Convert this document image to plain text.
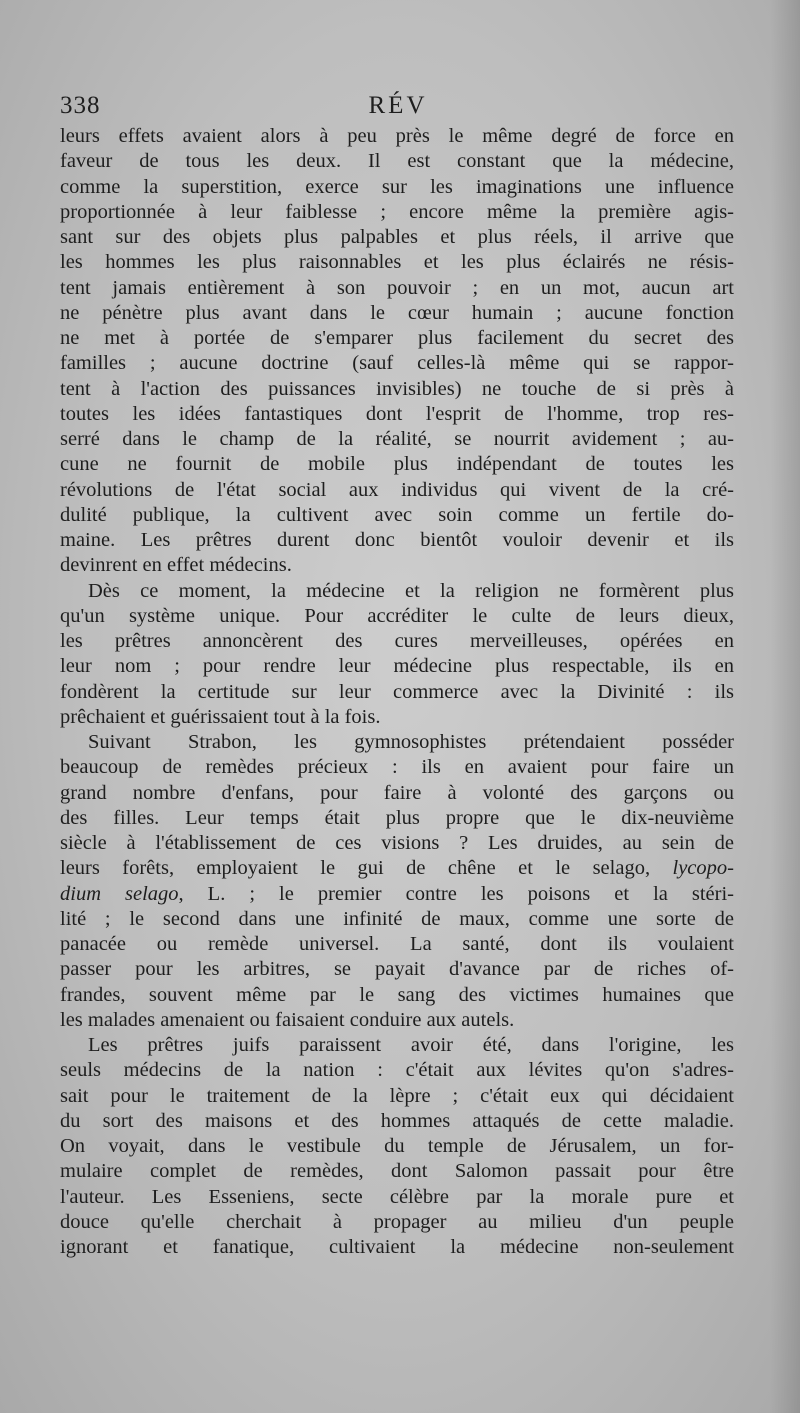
338	RÉV
leurs effets avaient alors à peu près le même degré de force en
faveur de tous les deux. Il est constant que la médecine,
comme la superstition, exerce sur les imaginations une influence
proportionnée à leur faiblesse ; encore même la première agis-
sant sur des objets plus palpables et plus réels, il arrive que
les hommes les plus raisonnables et les plus éclairés ne résis-
tent jamais entièrement à son pouvoir ; en un mot, aucun art
ne pénètre plus avant dans le cœur humain ; aucune fonction
ne met à portée de s'emparer plus facilement du secret des
familles ; aucune doctrine (sauf celles-là même qui se rappor-
tent à l'action des puissances invisibles) ne touche de si près à
toutes les idées fantastiques dont l'esprit de l'homme, trop res-
serré dans le champ de la réalité, se nourrit avidement ; au-
cune ne fournit de mobile plus indépendant de toutes les
révolutions de l'état social aux individus qui vivent de la cré-
dulité publique, la cultivent avec soin comme un fertile do-
maine. Les prêtres durent donc bientôt vouloir devenir et ils
devinrent en effet médecins.
Dès ce moment, la médecine et la religion ne formèrent plus
qu'un système unique. Pour accréditer le culte de leurs dieux,
les prêtres annoncèrent des cures merveilleuses, opérées en
leur nom ; pour rendre leur médecine plus respectable, ils en
fondèrent la certitude sur leur commerce avec la Divinité : ils
prêchaient et guérissaient tout à la fois.
Suivant Strabon, les gymnosophistes prétendaient posséder
beaucoup de remèdes précieux : ils en avaient pour faire un
grand nombre d'enfans, pour faire à volonté des garçons ou
des filles. Leur temps était plus propre que le dix-neuvième
siècle à l'établissement de ces visions ? Les druides, au sein de
leurs forêts, employaient le gui de chêne et le selago, lycopo-
dium selago, L. ; le premier contre les poisons et la stéri-
lité ; le second dans une infinité de maux, comme une sorte de
panacée ou remède universel. La santé, dont ils voulaient
passer pour les arbitres, se payait d'avance par de riches of-
frandes, souvent même par le sang des victimes humaines que
les malades amenaient ou faisaient conduire aux autels.
Les prêtres juifs paraissent avoir été, dans l'origine, les
seuls médecins de la nation : c'était aux lévites qu'on s'adres-
sait pour le traitement de la lèpre ; c'était eux qui décidaient
du sort des maisons et des hommes attaqués de cette maladie.
On voyait, dans le vestibule du temple de Jérusalem, un for-
mulaire complet de remèdes, dont Salomon passait pour être
l'auteur. Les Esseniens, secte célèbre par la morale pure et
douce qu'elle cherchait à propager au milieu d'un peuple
ignorant et fanatique, cultivaient la médecine non-seulement
